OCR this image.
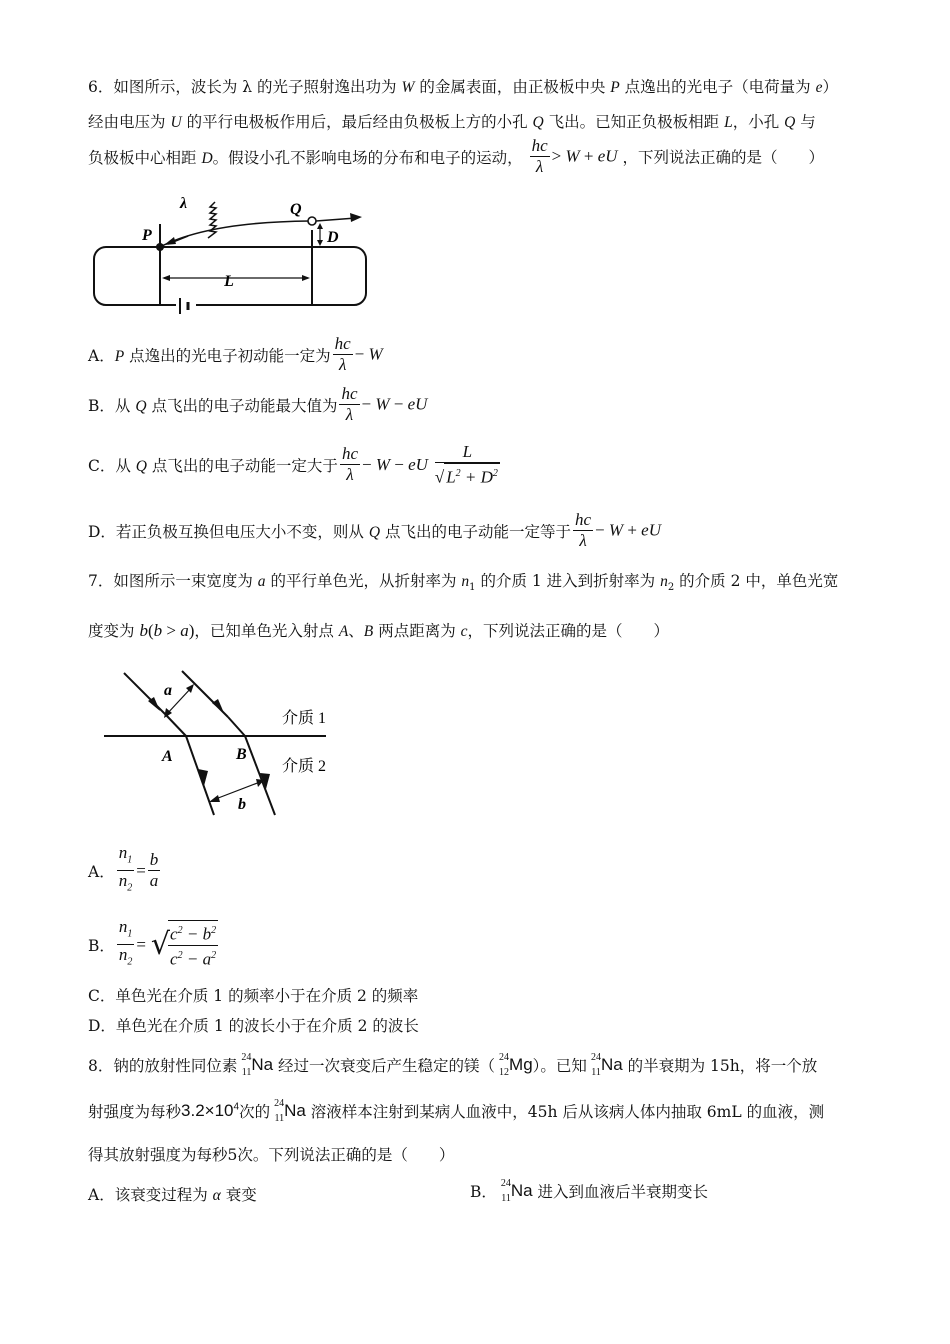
6．如图所示，波长为 λ 的光子照射逸出功为 W 的金属表面，由正极板中央 P 点逸出的光电子（电荷量为 e）
经由电压为 U 的平行电极板作用后，最后经由负极板上方的小孔 Q 飞出。已知正负极板相距 L，小孔 Q 与
负极板中心相距 D。假设小孔不影响电场的分布和电子的运动， $\frac{hc}{\lambda} > W$ + eU ，下列说法正确的是（　　）
λ
P
Q
D
L
A．P 点逸出的光电子初动能一定为 $\frac{hc}{\lambda} - W$
B．从 Q 点飞出的电子动能最大值为 $\frac{hc}{\lambda} - W$ − eU
C．从 Q 点飞出的电子动能一定大于 $\frac{hc}{\lambda} - W$ − eU $\frac{L}{√ L^2 + D^2}$
D．若正负极互换但电压大小不变，则从 Q 点飞出的电子动能一定等于 $\frac{hc}{\lambda} - W$ + eU
7．如图所示一束宽度为 a 的平行单色光，从折射率为 $n_1$ 的介质 1 进入到折射率为 $n_2$ 的介质 2 中，单色光宽
度变为 b(b > a)，已知单色光入射点 A、B 两点距离为 c，下列说法正确的是（　　）
a
A	B
b
介质 1
介质 2
A． $\frac{n_1}{n_2} = \frac{b}{a}$
B． $\frac{n_1}{n_2}$ = √
$\frac{c^2 - b^2}{c^2 - a^2}$
C．单色光在介质 1 的频率小于在介质 2 的频率
D．单色光在介质 1 的波长小于在介质 2 的波长
8．钠的放射性同位素 24
11 Na 经过一次衰变后产生稳定的镁（ 24
12 Mg）。已知 24
11 Na 的半衰期为 15h，将一个放
射强度为每秒$3.2\times 10^4$次的 24
11 Na 溶液样本注射到某病人血液中，45h 后从该病人体内抽取 6mL 的血液，测
得其放射强度为每秒5次。下列说法正确的是（　　）
A．该衰变过程为 α 衰变	B． 24
11 Na 进入到血液后半衰期变长
